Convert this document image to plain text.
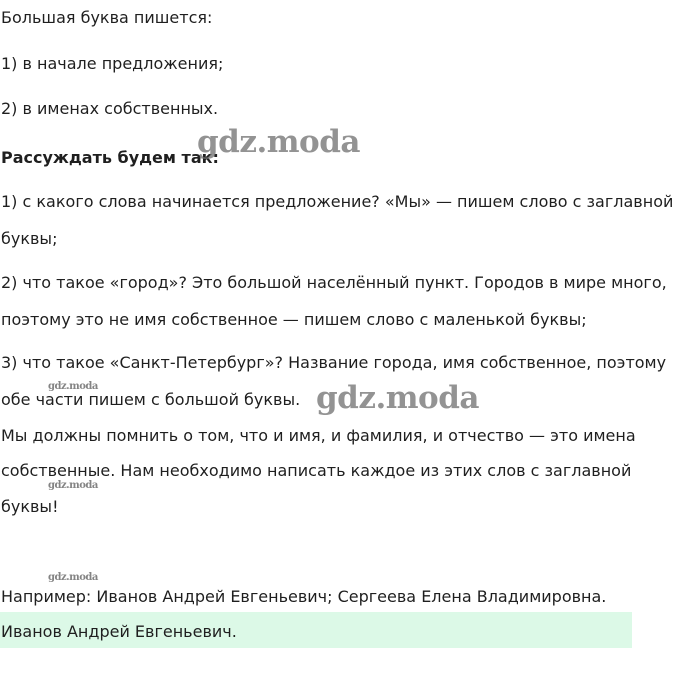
Большая буква пишется:

1) в начале предложения;

2) в именах собственных.

Рассуждать будем так:

1) с какого слова начинается предложение? «Мы» — пишем слово с заглавной

буквы;

2) что такое «город»? Это большой населённый пункт. Городов в мире много,

поэтому это не имя собственное — пишем слово с маленькой буквы;

3) что такое «Санкт-Петербург»? Название города, имя собственное, поэтому

обе части пишем с большой буквы.

Мы должны помнить о том, что и имя, и фамилия, и отчество — это имена

собственные. Нам необходимо написать каждое из этих слов с заглавной

буквы!

Например: Иванов Андрей Евгеньевич; Сергеева Елена Владимировна.

Иванов Андрей Евгеньевич.

gdz.moda
gdz.moda
gdz.moda
gdz.moda
gdz.moda
